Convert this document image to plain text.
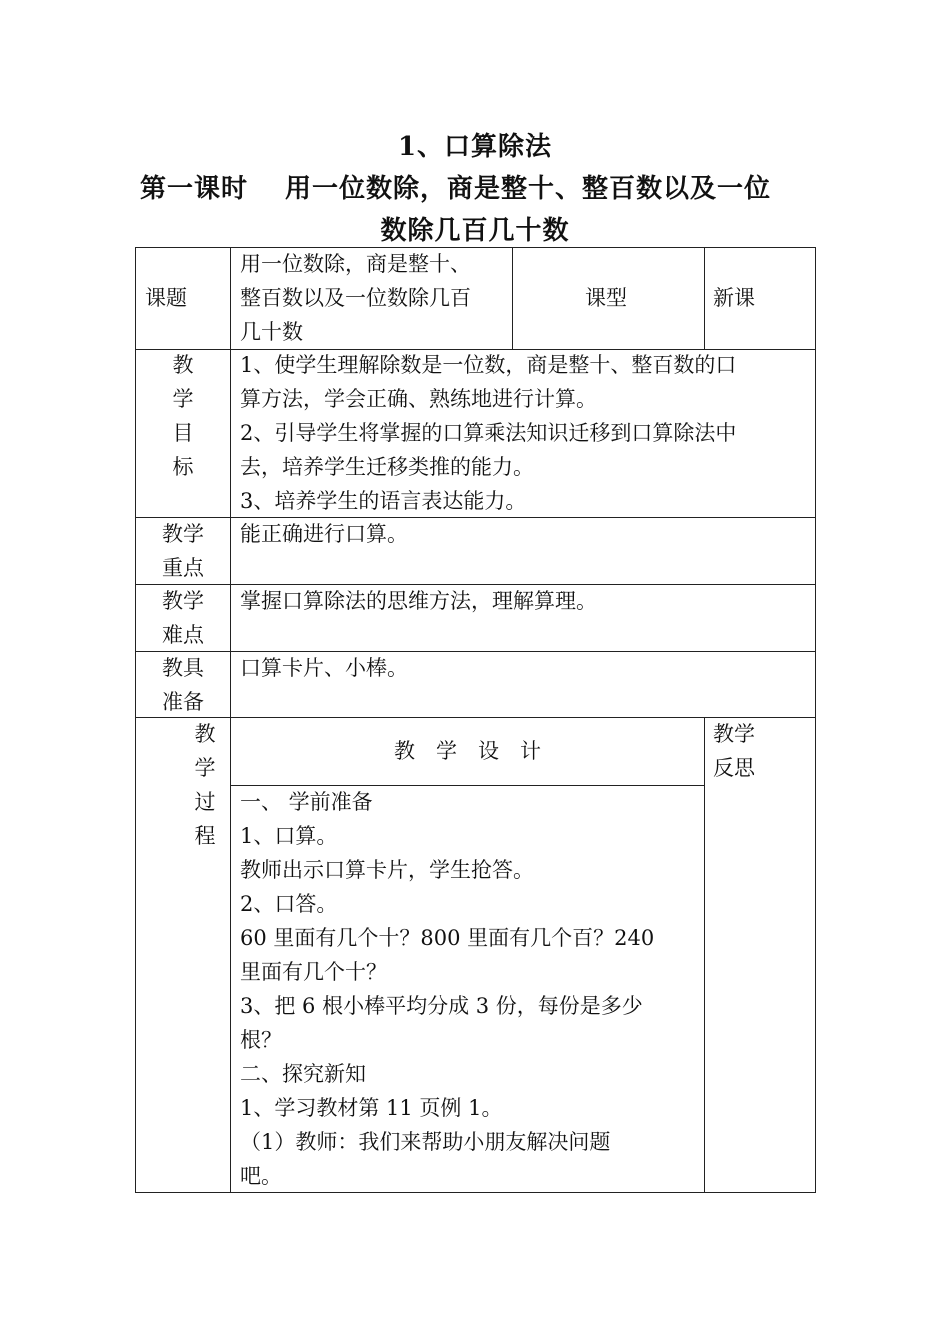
1、口算除法
第一课时　 用一位数除，商是整十、整百数以及一位
数除几百几十数
课题
用一位数除，商是整十、
整百数以及一位数除几百
几十数
课型	新课
教
学
目
标
1、使学生理解除数是一位数，商是整十、整百数的口
算方法，学会正确、熟练地进行计算。
2、引导学生将掌握的口算乘法知识迁移到口算除法中
去，培养学生迁移类推的能力。
3、培养学生的语言表达能力。
教学
重点
能正确进行口算。
教学
难点
掌握口算除法的思维方法，理解算理。
教具
准备
口算卡片、小棒。
教
学
过
程
教　学　设　计
教学
反思
一、 学前准备
1、口算。
教师出示口算卡片，学生抢答。
2、口答。
60 里面有几个十？800 里面有几个百？240
里面有几个十？
3、把 6 根小棒平均分成 3 份，每份是多少
根？
二、探究新知
1、学习教材第 11 页例 1。
（1）教师：我们来帮助小朋友解决问题
吧。
